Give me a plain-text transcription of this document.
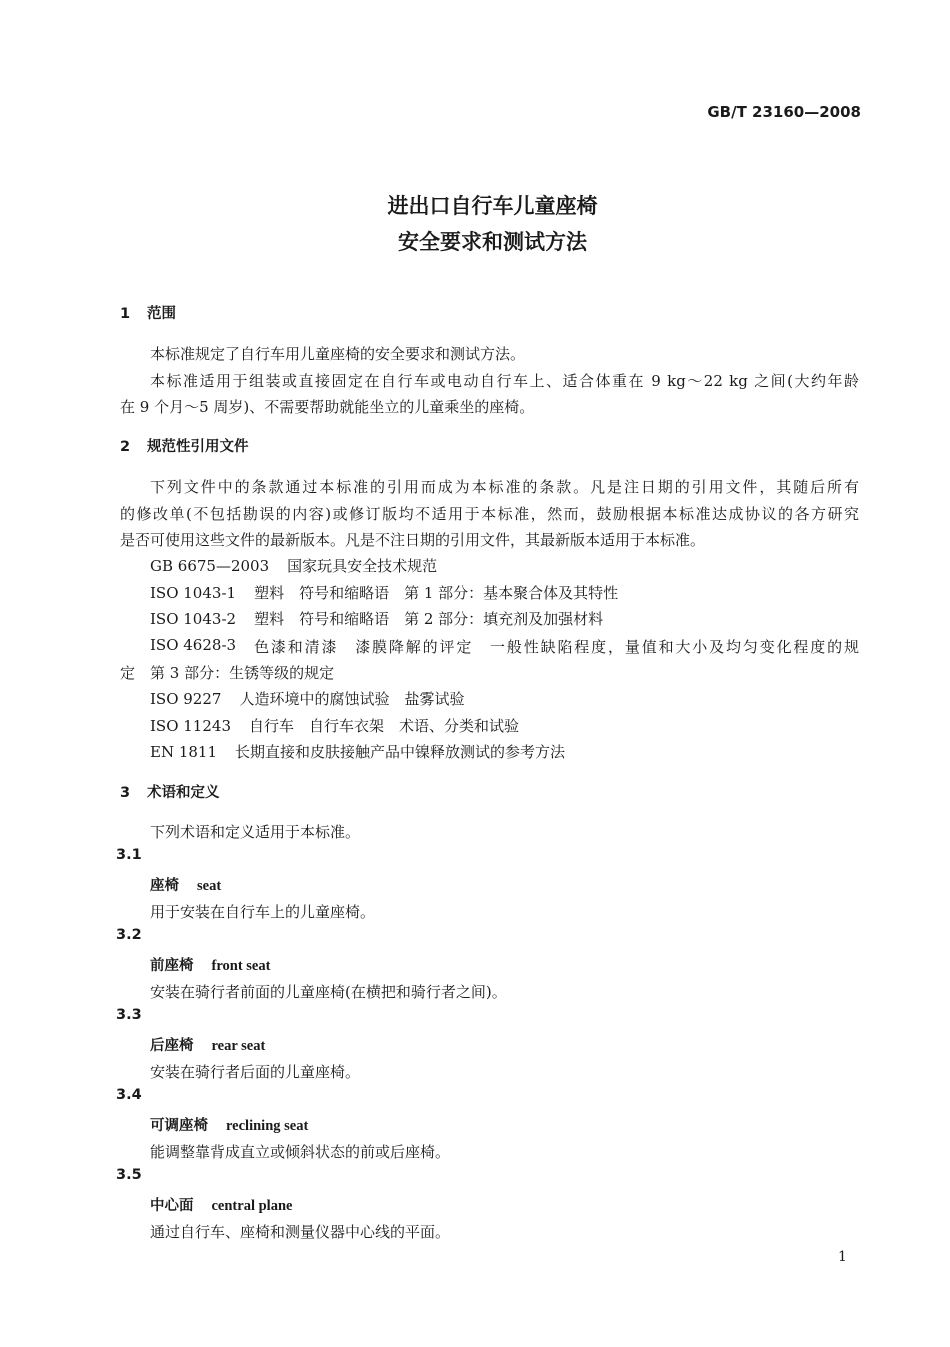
GB/T 23160—2008
进出口自行车儿童座椅
安全要求和测试方法
1 范围
本标准规定了自行车用儿童座椅的安全要求和测试方法。
本标准适用于组装或直接固定在自行车或电动自行车上、适合体重在 9 kg～22 kg 之间(大约年龄
在 9 个月～5 周岁)、不需要帮助就能坐立的儿童乘坐的座椅。
2 规范性引用文件
下列文件中的条款通过本标准的引用而成为本标准的条款。凡是注日期的引用文件，其随后所有
的修改单(不包括勘误的内容)或修订版均不适用于本标准，然而，鼓励根据本标准达成协议的各方研究
是否可使用这些文件的最新版本。凡是不注日期的引用文件，其最新版本适用于本标准。
GB 6675—2003 国家玩具安全技术规范
ISO 1043-1 塑料　符号和缩略语　第 1 部分：基本聚合体及其特性
ISO 1043-2 塑料　符号和缩略语　第 2 部分：填充剂及加强材料
ISO 4628-3 色漆和清漆　漆膜降解的评定　一般性缺陷程度，量值和大小及均匀变化程度的规
定　第 3 部分：生锈等级的规定
ISO 9227 人造环境中的腐蚀试验　盐雾试验
ISO 11243 自行车　自行车衣架　术语、分类和试验
EN 1811 长期直接和皮肤接触产品中镍释放测试的参考方法
3 术语和定义
下列术语和定义适用于本标准。
3.1
座椅 seat
用于安装在自行车上的儿童座椅。
3.2
前座椅 front seat
安装在骑行者前面的儿童座椅(在横把和骑行者之间)。
3.3
后座椅 rear seat
安装在骑行者后面的儿童座椅。
3.4
可调座椅 reclining seat
能调整靠背成直立或倾斜状态的前或后座椅。
3.5
中心面 central plane
通过自行车、座椅和测量仪器中心线的平面。
1
